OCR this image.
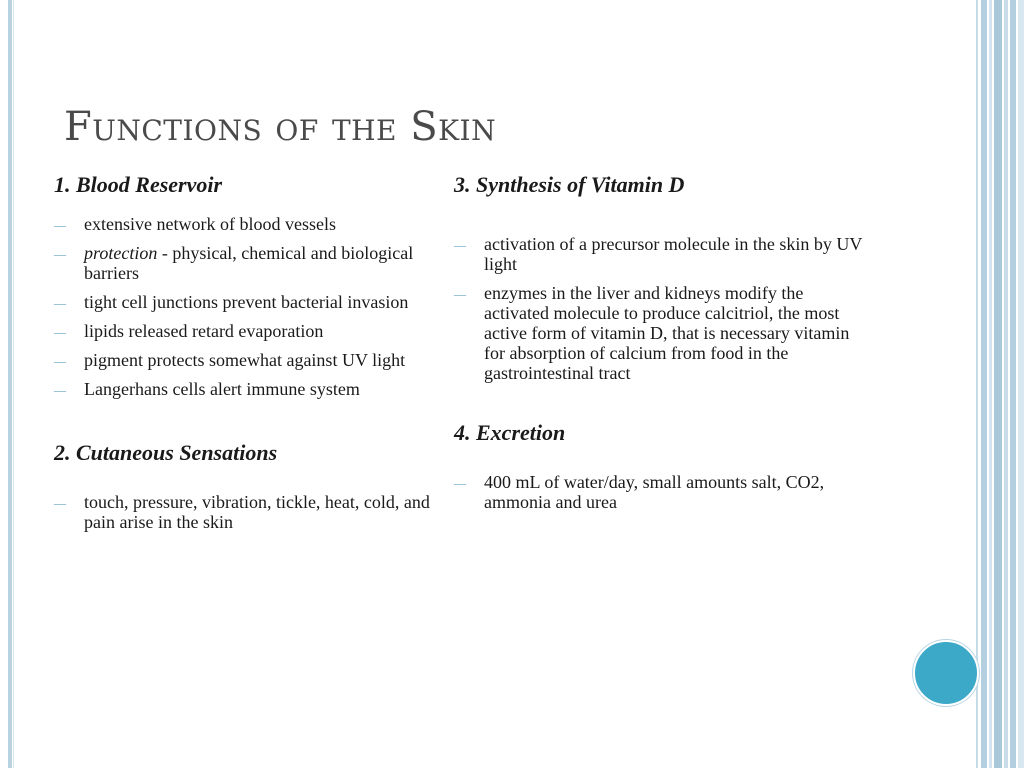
Functions of the Skin
1. Blood Reservoir
— extensive network of blood vessels
— protection - physical, chemical and biological barriers
— tight cell junctions prevent bacterial invasion
— lipids released retard evaporation
— pigment protects somewhat against UV light
— Langerhans cells alert immune system
2. Cutaneous Sensations
— touch, pressure, vibration, tickle, heat, cold, and pain arise in the skin
3. Synthesis of Vitamin D
— activation of a precursor molecule in the skin by UV light
— enzymes in the liver and kidneys modify the activated molecule to produce calcitriol, the most active form of vitamin D, that is necessary vitamin for absorption of calcium from food in the gastrointestinal tract
4. Excretion
— 400 mL of water/day, small amounts salt, CO2, ammonia and urea
